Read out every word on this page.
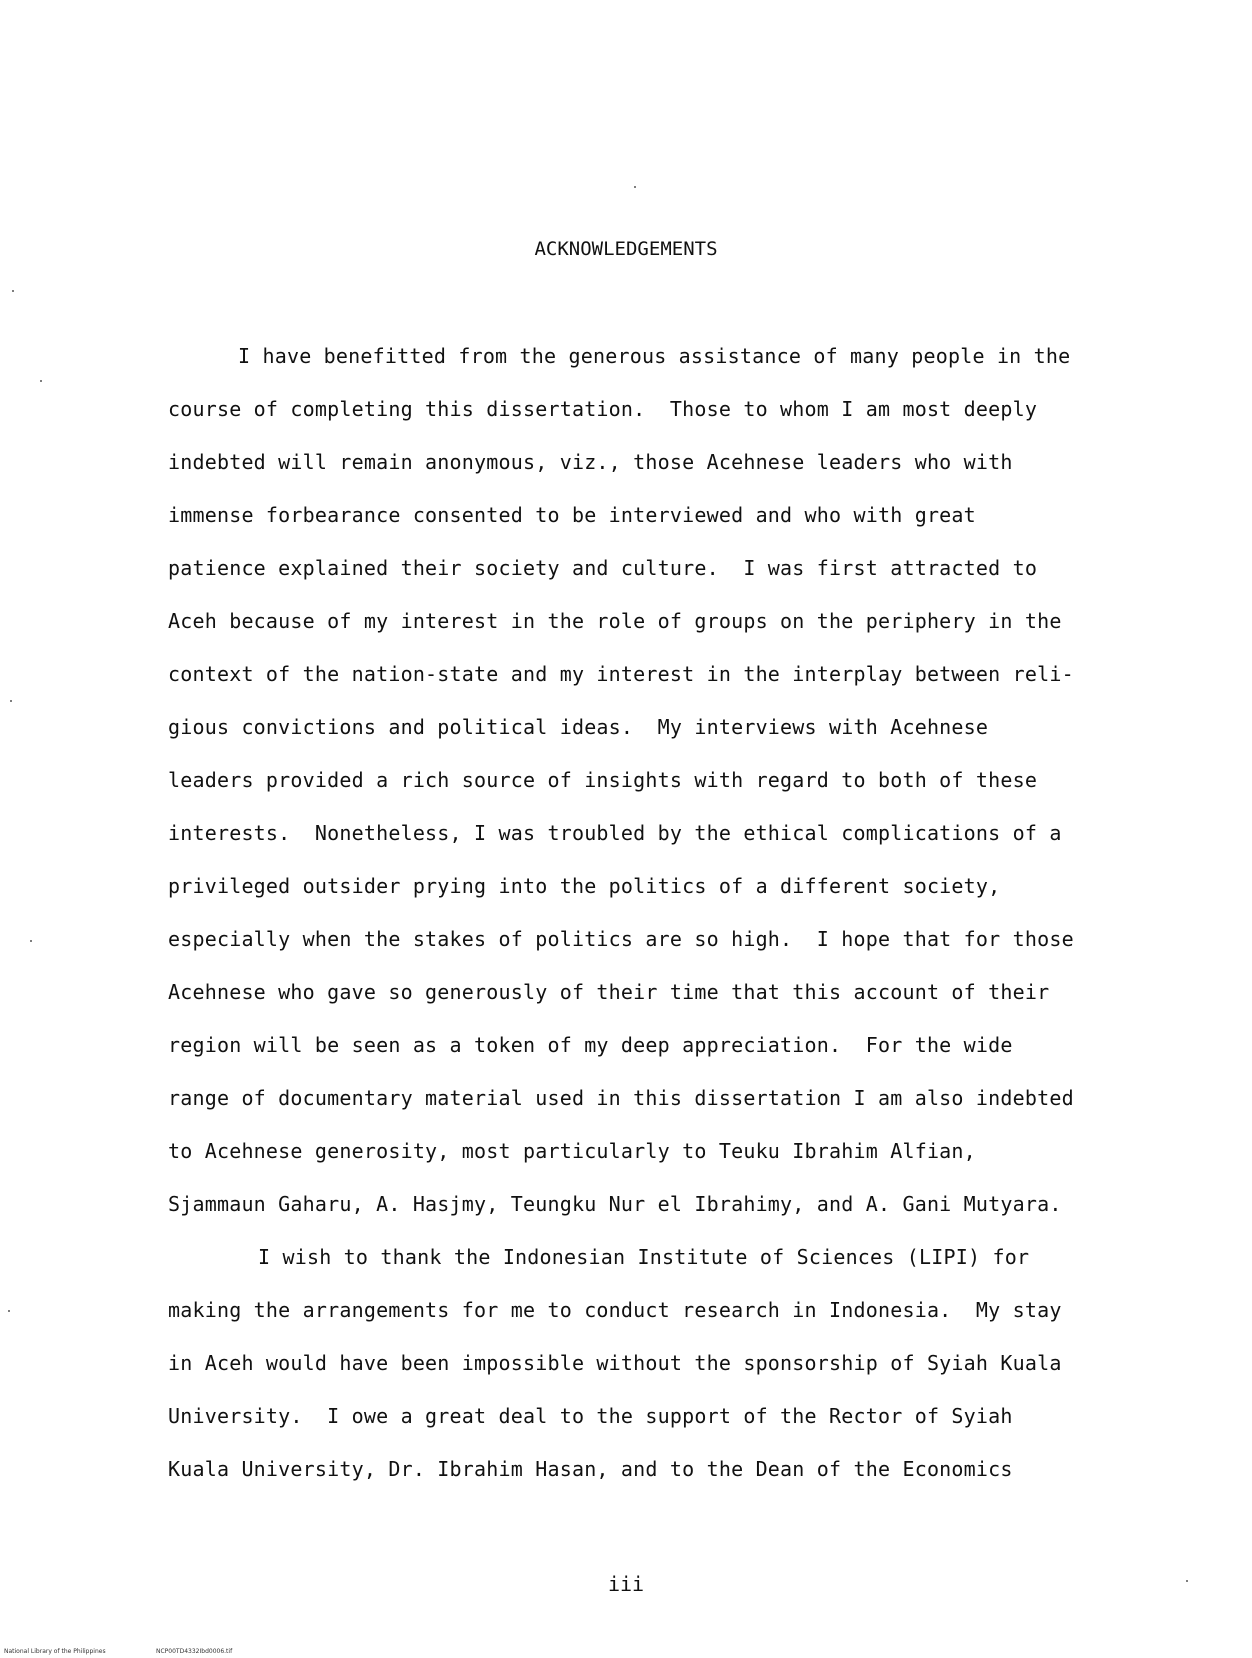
ACKNOWLEDGEMENTS
I have benefitted from the generous assistance of many people in the
course of completing this dissertation.  Those to whom I am most deeply
indebted will remain anonymous, viz., those Acehnese leaders who with
immense forbearance consented to be interviewed and who with great
patience explained their society and culture.  I was first attracted to
Aceh because of my interest in the role of groups on the periphery in the
context of the nation-state and my interest in the interplay between reli-
gious convictions and political ideas.  My interviews with Acehnese
leaders provided a rich source of insights with regard to both of these
interests.  Nonetheless, I was troubled by the ethical complications of a
privileged outsider prying into the politics of a different society,
especially when the stakes of politics are so high.  I hope that for those
Acehnese who gave so generously of their time that this account of their
region will be seen as a token of my deep appreciation.  For the wide
range of documentary material used in this dissertation I am also indebted
to Acehnese generosity, most particularly to Teuku Ibrahim Alfian,
Sjammaun Gaharu, A. Hasjmy, Teungku Nur el Ibrahimy, and A. Gani Mutyara.
I wish to thank the Indonesian Institute of Sciences (LIPI) for
making the arrangements for me to conduct research in Indonesia.  My stay
in Aceh would have been impossible without the sponsorship of Syiah Kuala
University.  I owe a great deal to the support of the Rector of Syiah
Kuala University, Dr. Ibrahim Hasan, and to the Dean of the Economics
iii
National Library of the Philippines	NCP00TD4332Ibd0006.tif
